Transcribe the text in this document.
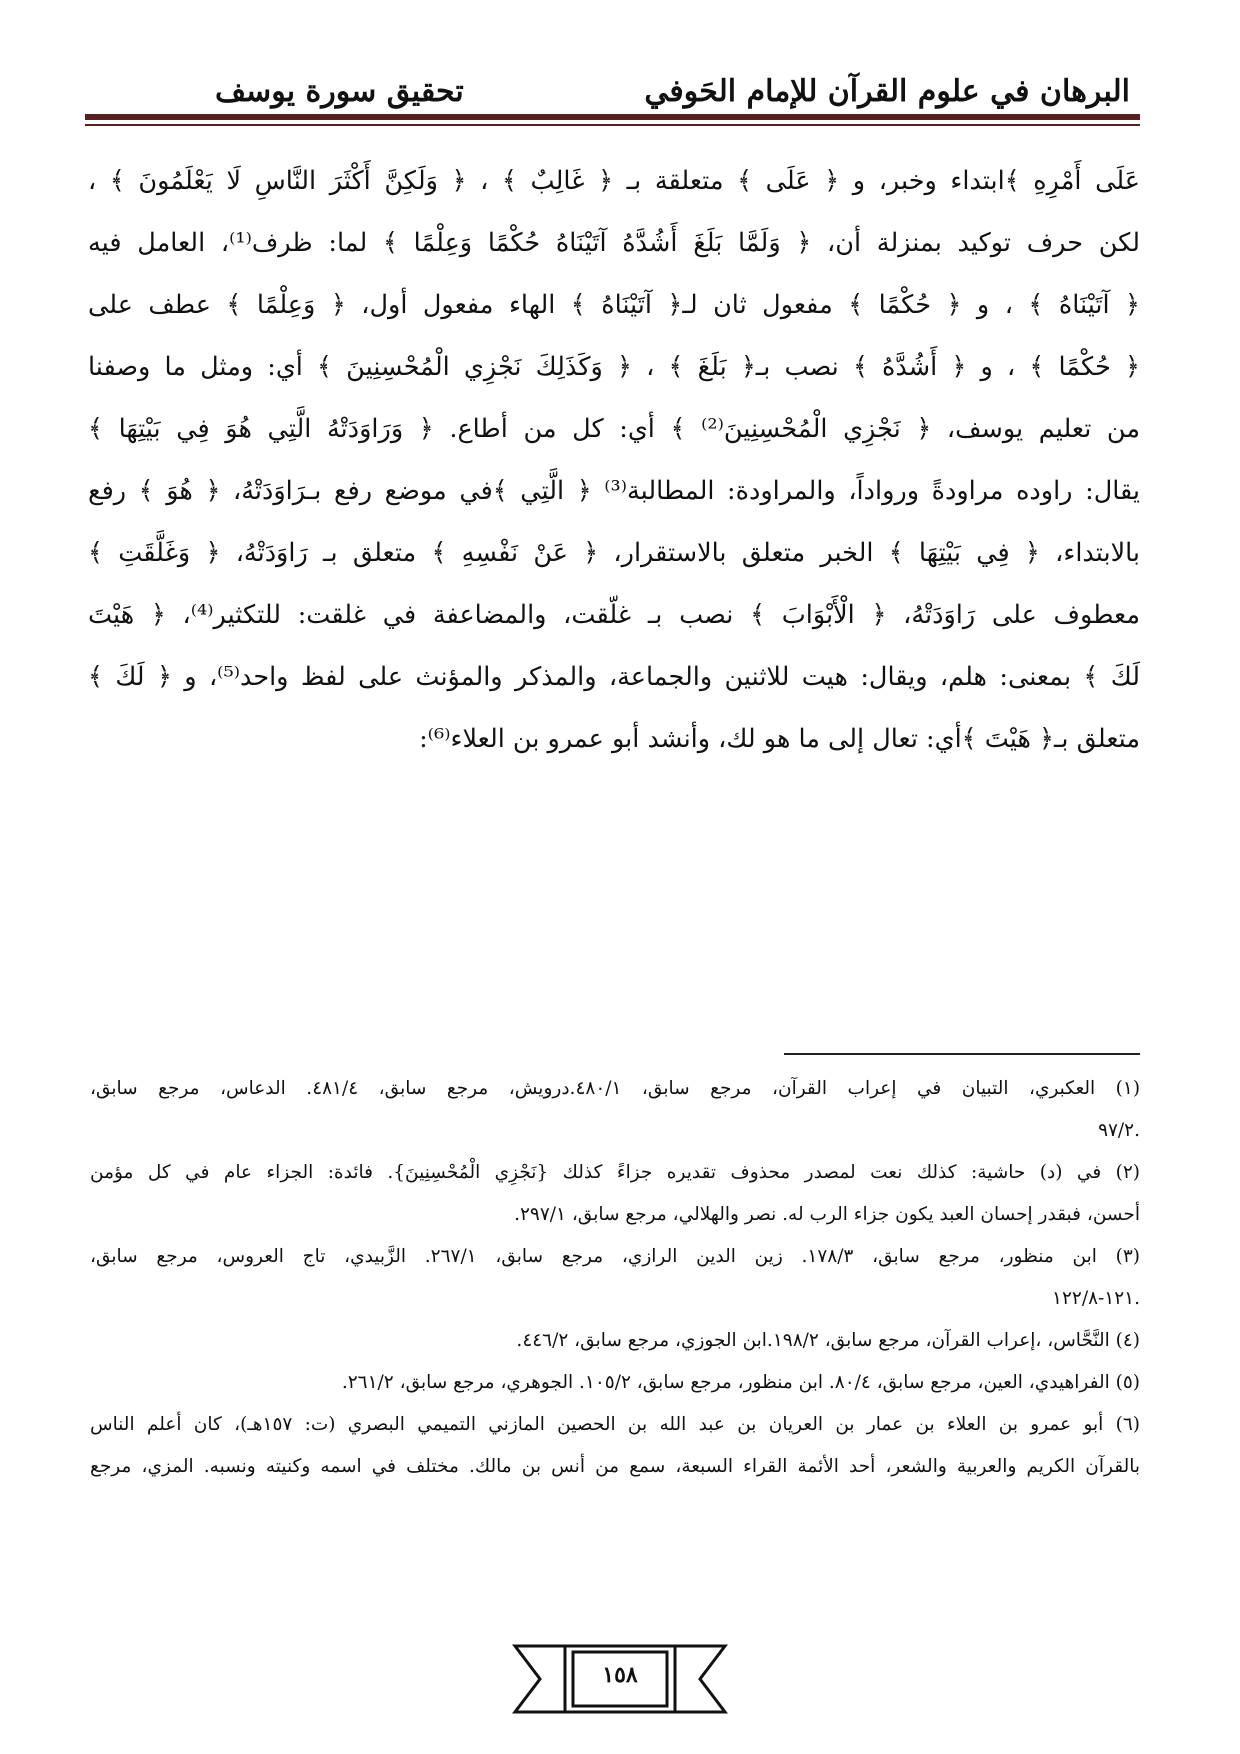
البرهان في علوم القرآن للإمام الحَوفي
تحقيق سورة يوسف
عَلَى أَمْرِهِ ﴾ابتداء وخبر، و ﴿ عَلَى ﴾ متعلقة بـ ﴿ غَالِبٌ ﴾ ، ﴿ وَلَكِنَّ أَكْثَرَ النَّاسِ لَا يَعْلَمُونَ ﴾ ،
لكن حرف توكيد بمنزلة أن، ﴿ وَلَمَّا بَلَغَ أَشُدَّهُ آتَيْنَاهُ حُكْمًا وَعِلْمًا ﴾ لما: ظرف⁽¹⁾، العامل فيه
﴿ آتَيْنَاهُ ﴾ ، و ﴿ حُكْمًا ﴾ مفعول ثان لـ﴿ آتَيْنَاهُ ﴾ الهاء مفعول أول، ﴿ وَعِلْمًا ﴾ عطف على
﴿ حُكْمًا ﴾ ، و ﴿ أَشُدَّهُ ﴾ نصب بـ﴿ بَلَغَ ﴾ ، ﴿ وَكَذَلِكَ نَجْزِي الْمُحْسِنِينَ ﴾ أي: ومثل ما وصفنا
من تعليم يوسف، ﴿ نَجْزِي الْمُحْسِنِينَ⁽²⁾ ﴾ أي: كل من أطاع. ﴿ وَرَاوَدَتْهُ الَّتِي هُوَ فِي بَيْتِهَا ﴾
يقال: راوده مراودةً ورواداً، والمراودة: المطالبة⁽³⁾ ﴿ الَّتِي ﴾في موضع رفع بـرَاوَدَتْهُ، ﴿ هُوَ ﴾ رفع
بالابتداء، ﴿ فِي بَيْتِهَا ﴾ الخبر متعلق بالاستقرار، ﴿ عَنْ نَفْسِهِ ﴾ متعلق بـ رَاوَدَتْهُ، ﴿ وَغَلَّقَتِ ﴾
معطوف على رَاوَدَتْهُ، ﴿ الْأَبْوَابَ ﴾ نصب بـ غلّقت، والمضاعفة في غلقت: للتكثير⁽⁴⁾، ﴿ هَيْتَ
لَكَ ﴾ بمعنى: هلم، ويقال: هيت للاثنين والجماعة، والمذكر والمؤنث على لفظ واحد⁽⁵⁾، و ﴿ لَكَ ﴾
متعلق بـ﴿ هَيْتَ ﴾أي: تعال إلى ما هو لك، وأنشد أبو عمرو بن العلاء⁽⁶⁾:
(١) العكبري، التبيان في إعراب القرآن، مرجع سابق، ٤٨٠/١.درويش، مرجع سابق، ٤٨١/٤. الدعاس، مرجع سابق،
.٩٧/٢
(٢) في (د) حاشية: كذلك نعت لمصدر محذوف تقديره جزاءً كذلك {نَجْزِي الْمُحْسِنِينَ}. فائدة: الجزاء عام في كل مؤمن
أحسن، فبقدر إحسان العبد يكون جزاء الرب له. نصر والهلالي، مرجع سابق، ٢٩٧/١.
(٣) ابن منظور، مرجع سابق، ١٧٨/٣. زين الدين الرازي، مرجع سابق، ٢٦٧/١. الزَّبيدي، تاج العروس، مرجع سابق،
.١٢١-١٢٢/٨
(٤) النَّحَّاس، ،إعراب القرآن، مرجع سابق، ١٩٨/٢.ابن الجوزي، مرجع سابق، ٤٤٦/٢.
(٥) الفراهيدي، العين، مرجع سابق، ٨٠/٤. ابن منظور، مرجع سابق، ١٠٥/٢. الجوهري، مرجع سابق، ٢٦١/٢.
(٦) أبو عمرو بن العلاء بن عمار بن العريان بن عبد الله بن الحصين المازني التميمي البصري (ت: ١٥٧هـ)، كان أعلم الناس
بالقرآن الكريم والعربية والشعر، أحد الأئمة القراء السبعة، سمع من أنس بن مالك. مختلف في اسمه وكنيته ونسبه. المزي، مرجع
١٥٨
